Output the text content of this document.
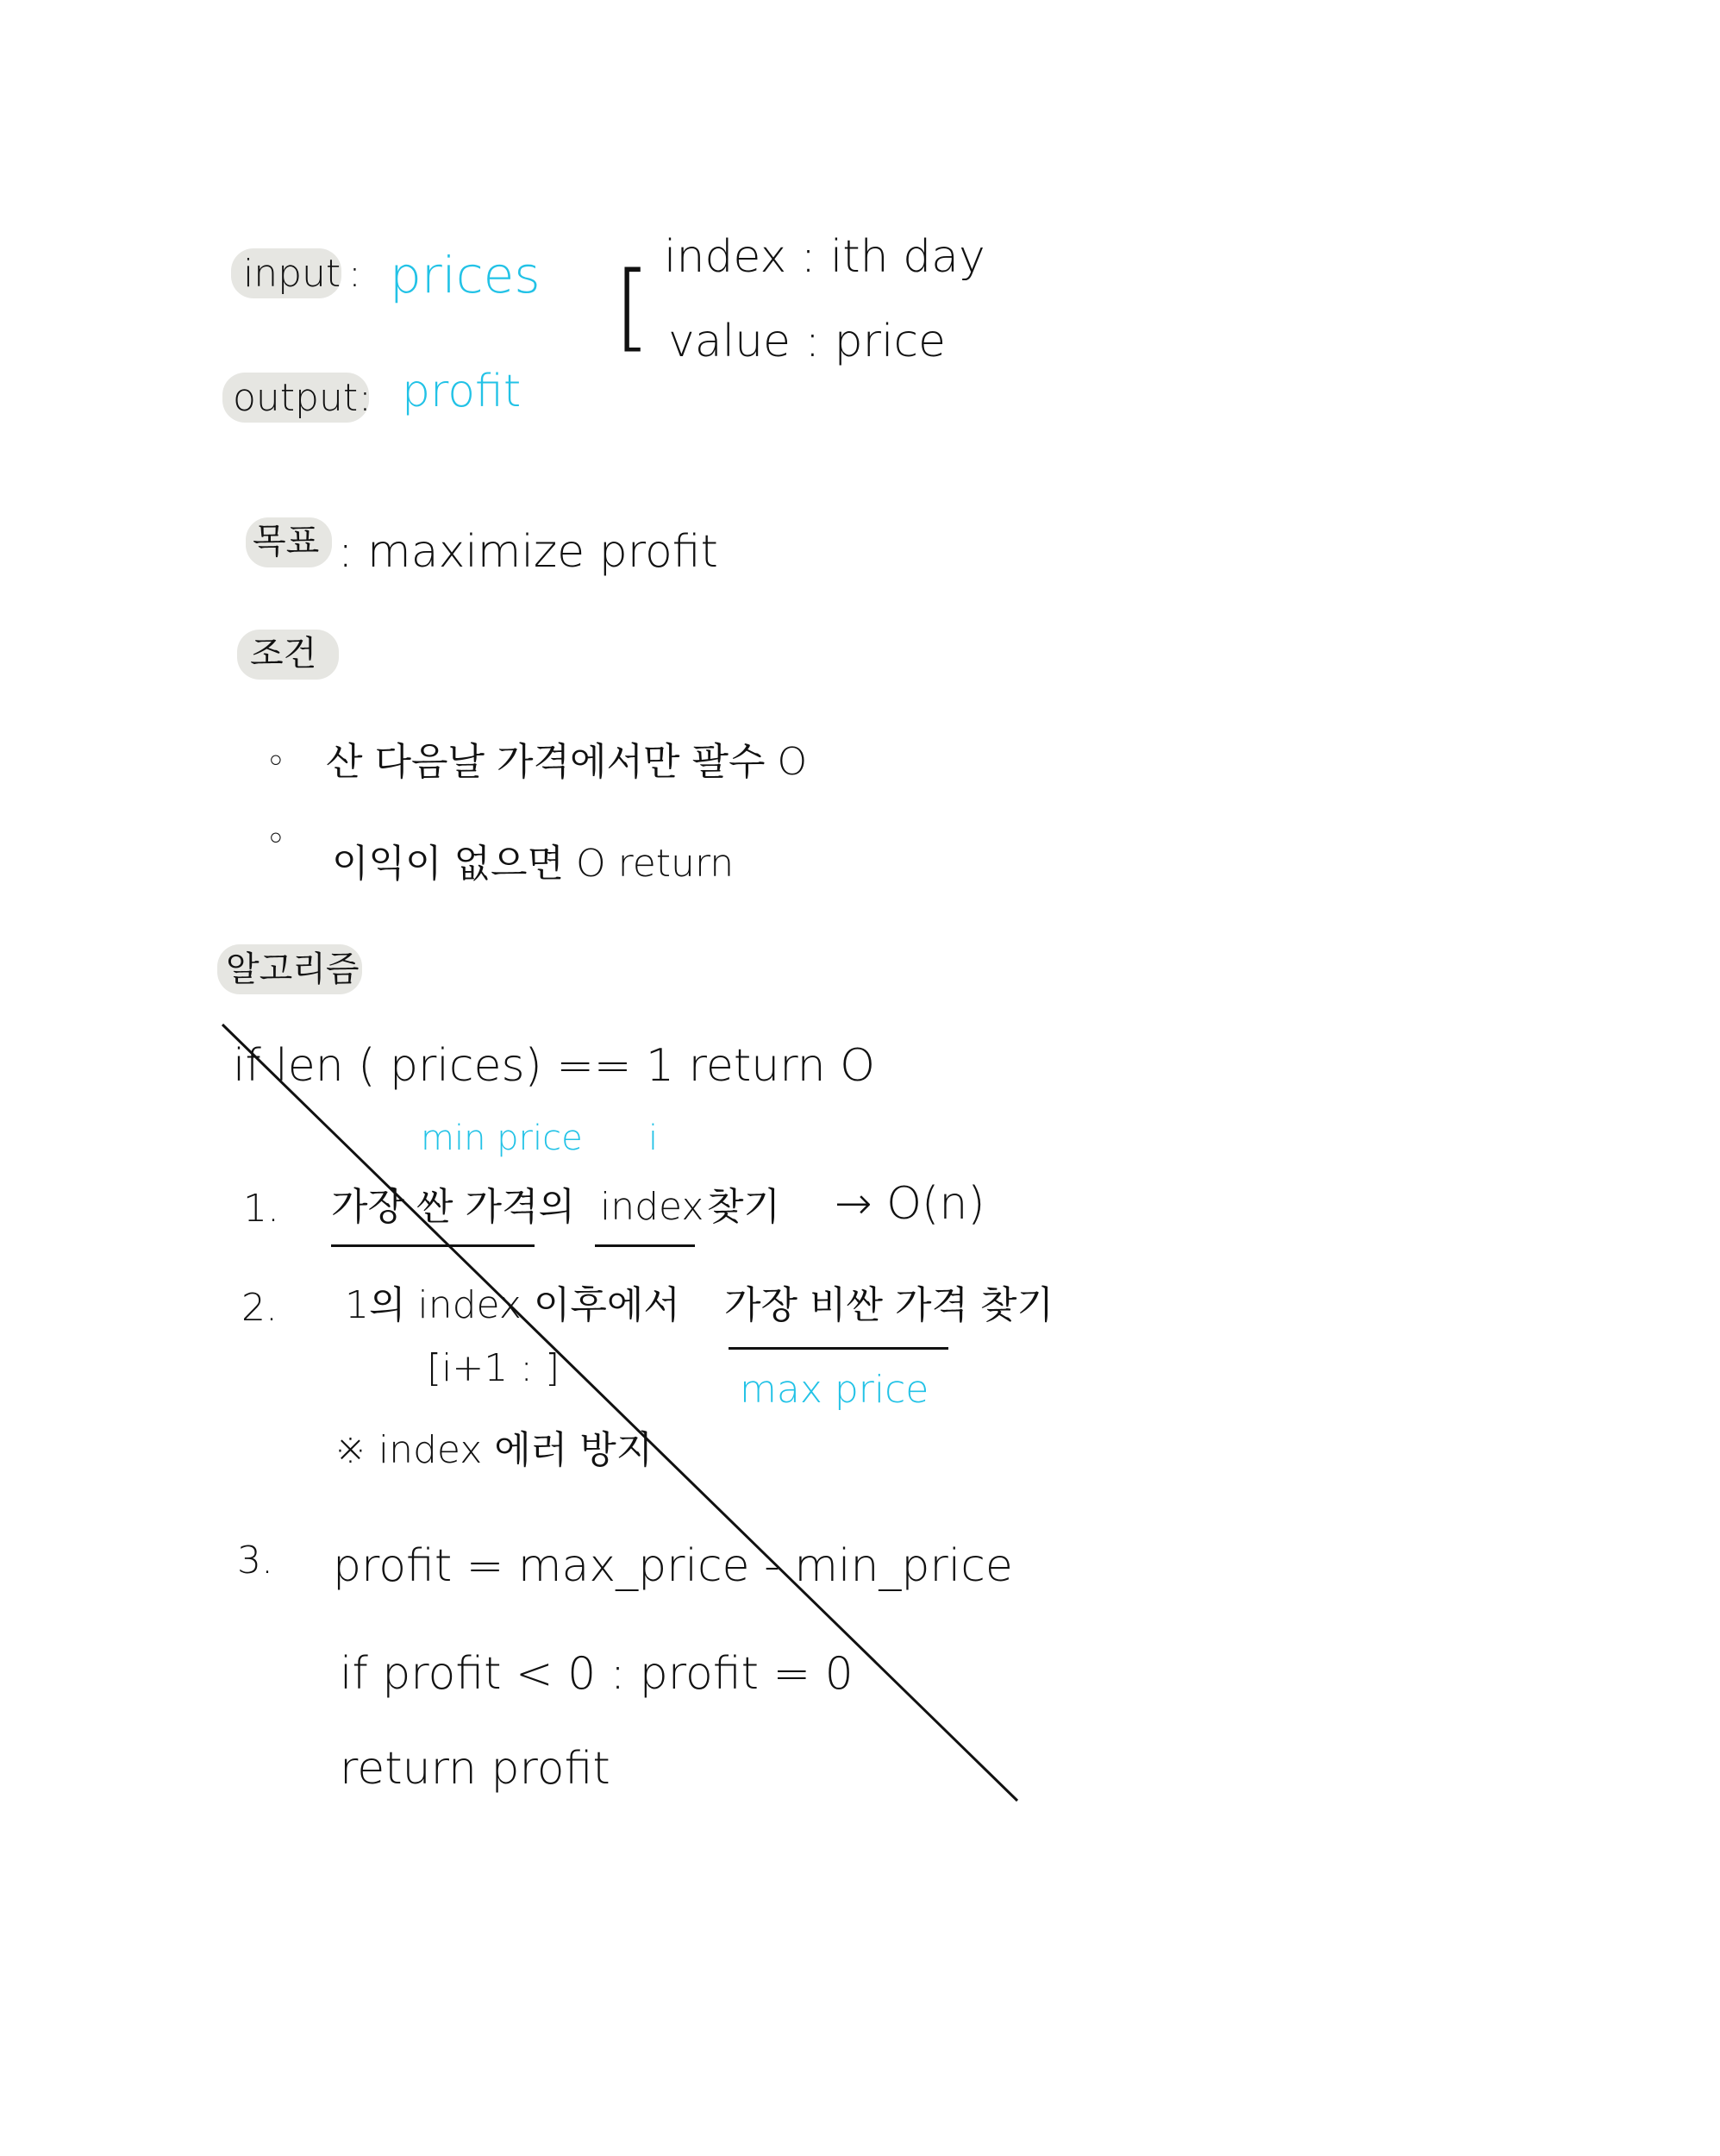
input : prices [ index : ith day
value : price
output : profit
목표 : maximize profit
조건
○ 산 다음날 가격에서만 팔수 O
○
이익이 없으면 O return
알고리즘
if len ( prices) == 1 return O
min price i
1. 가장 싼 가격의 index 찾기 → O(n)
2. 1의 index 이후에서 가장 비싼 가격 찾기
[i+1 : ]	max price
※ index 에러 방지
3. profit = max_price - min_price
if profit < 0 : profit = 0
return profit
